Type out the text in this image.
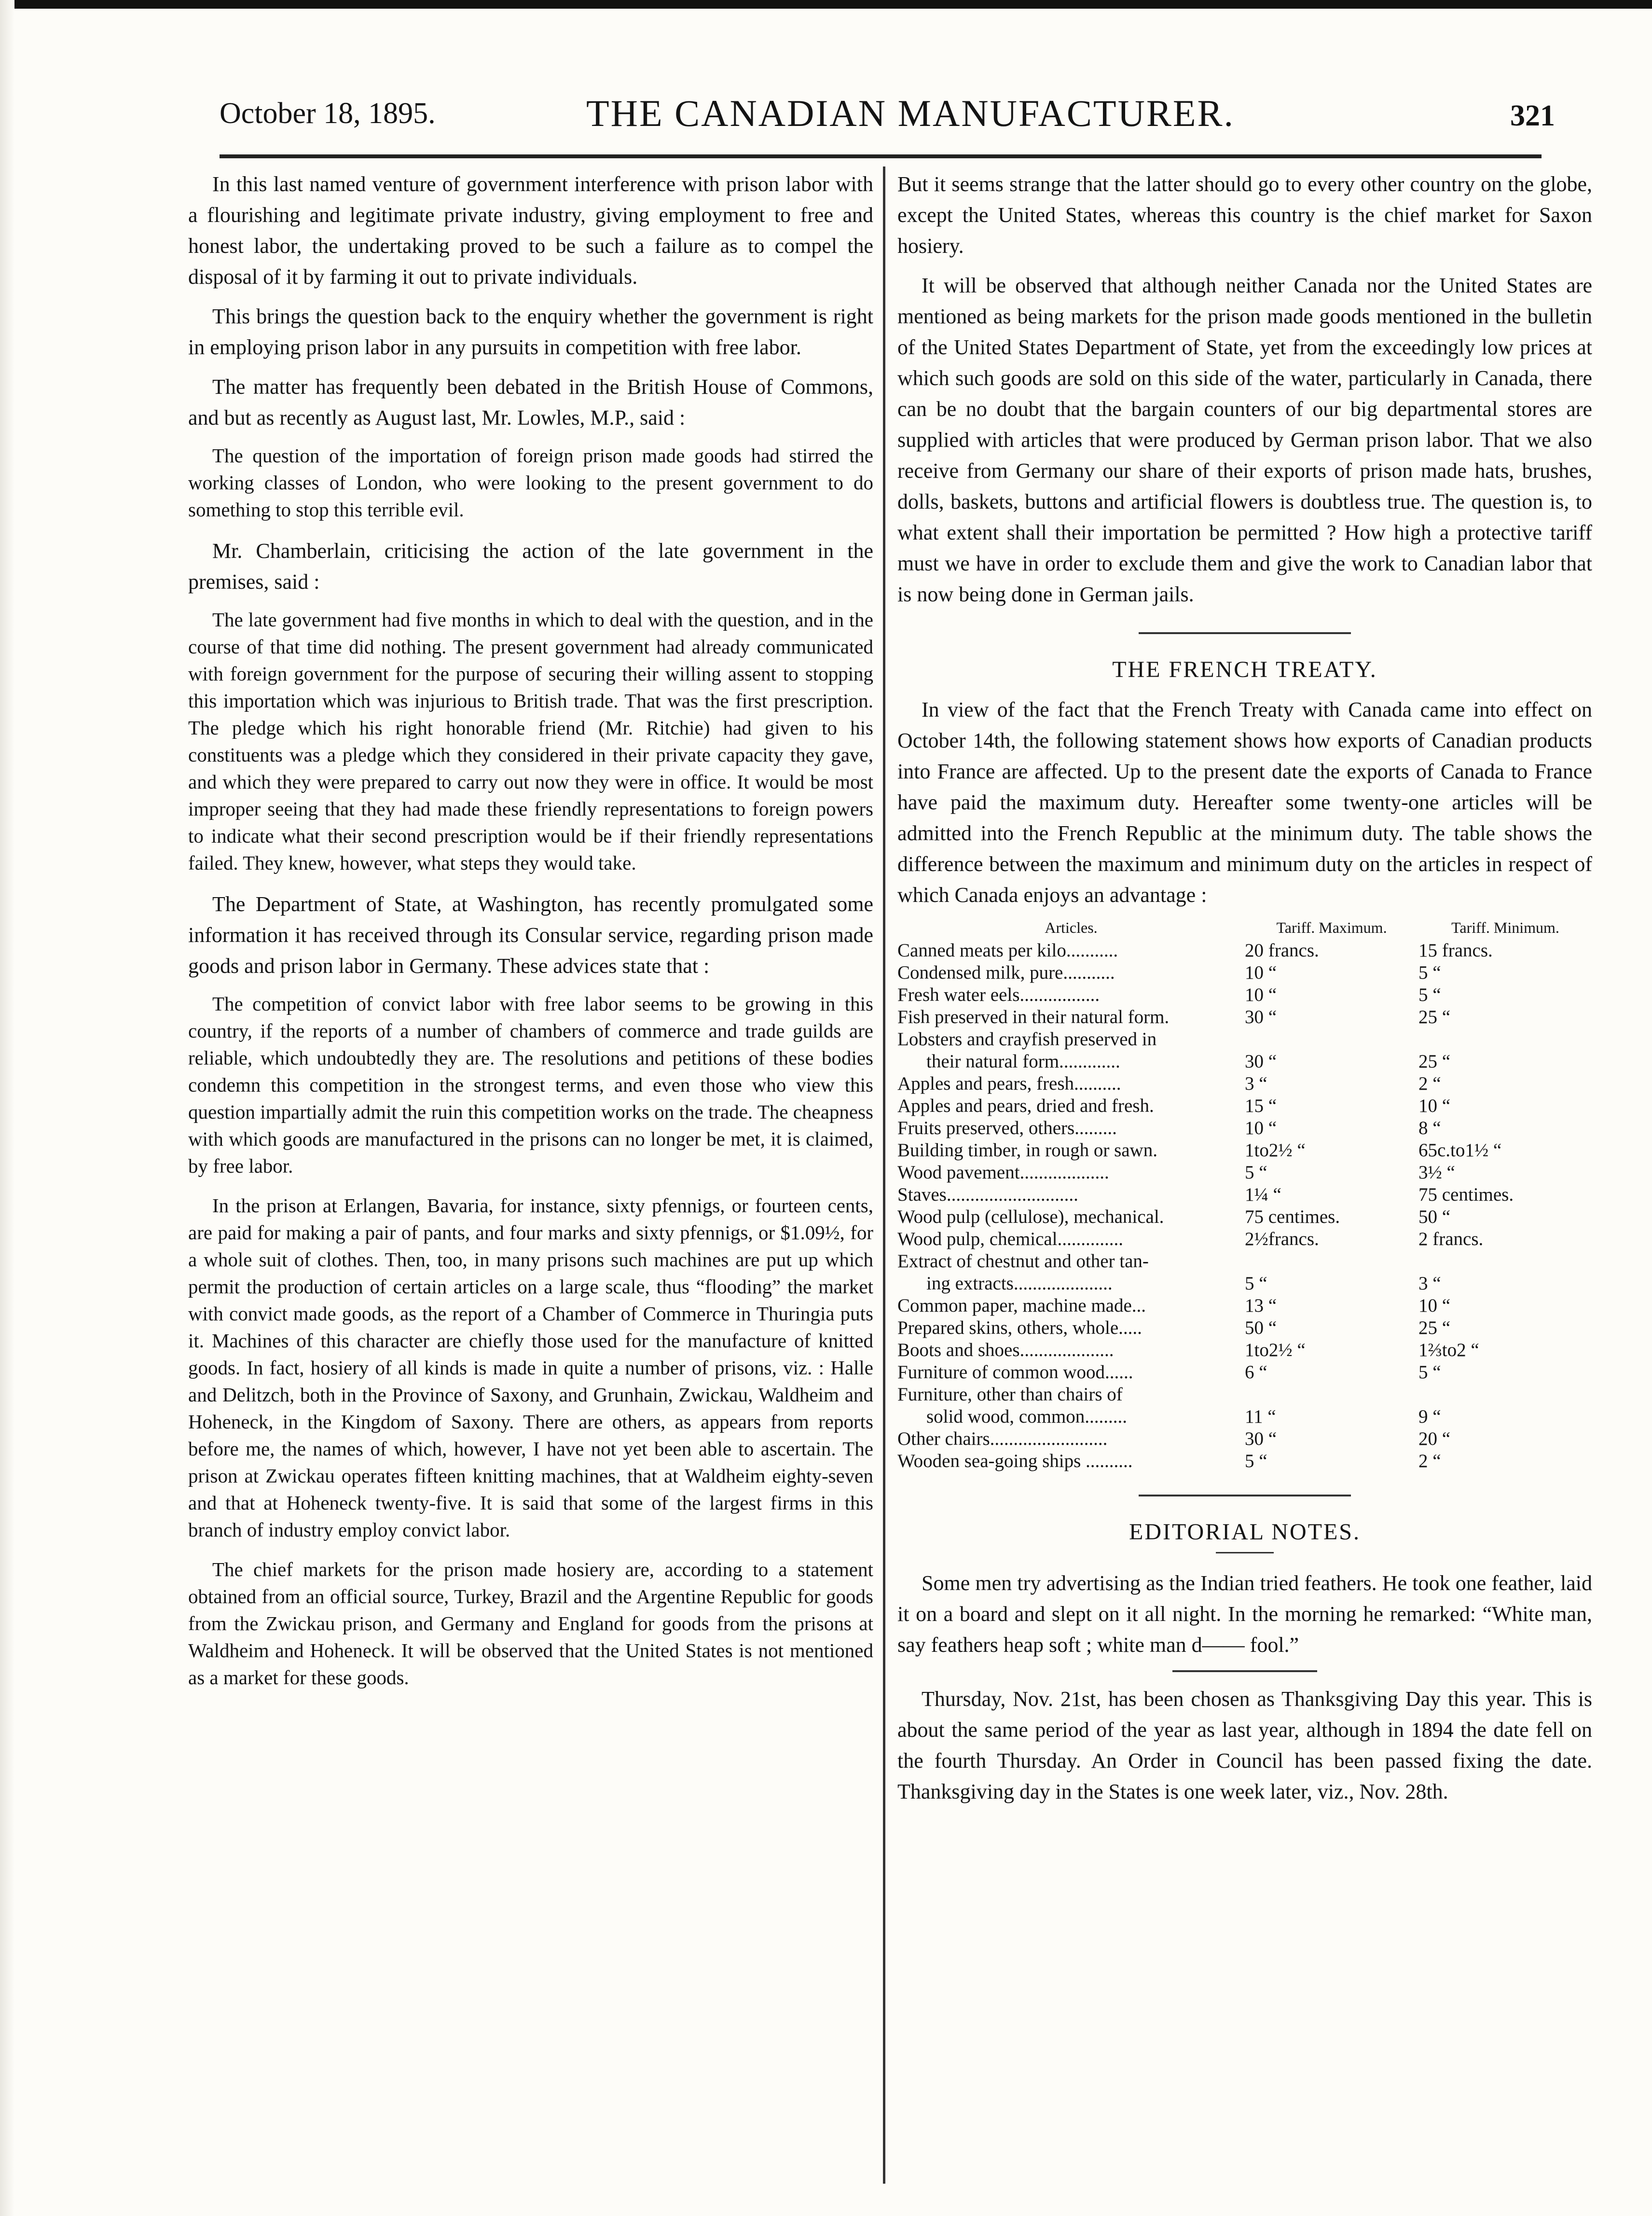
October 18, 1895.	THE CANADIAN MANUFACTURER.	321

In this last named venture of government interference with prison labor with a flourishing and legitimate private industry, giving employment to free and honest labor, the undertaking proved to be such a failure as to compel the disposal of it by farming it out to private individuals.

This brings the question back to the enquiry whether the government is right in employing prison labor in any pursuits in competition with free labor.

The matter has frequently been debated in the British House of Commons, and but as recently as August last, Mr. Lowles, M.P., said :

The question of the importation of foreign prison made goods had stirred the working classes of London, who were looking to the present government to do something to stop this terrible evil.

Mr. Chamberlain, criticising the action of the late government in the premises, said :

The late government had five months in which to deal with the question, and in the course of that time did nothing. The present government had already communicated with foreign government for the purpose of securing their willing assent to stopping this importation which was injurious to British trade. That was the first prescription. The pledge which his right honorable friend (Mr. Ritchie) had given to his constituents was a pledge which they considered in their private capacity they gave, and which they were prepared to carry out now they were in office. It would be most improper seeing that they had made these friendly representations to foreign powers to indicate what their second prescription would be if their friendly representations failed. They knew, however, what steps they would take.

The Department of State, at Washington, has recently promulgated some information it has received through its Consular service, regarding prison made goods and prison labor in Germany. These advices state that :

The competition of convict labor with free labor seems to be growing in this country, if the reports of a number of chambers of commerce and trade guilds are reliable, which undoubtedly they are. The resolutions and petitions of these bodies condemn this competition in the strongest terms, and even those who view this question impartially admit the ruin this competition works on the trade. The cheapness with which goods are manufactured in the prisons can no longer be met, it is claimed, by free labor.

In the prison at Erlangen, Bavaria, for instance, sixty pfennigs, or fourteen cents, are paid for making a pair of pants, and four marks and sixty pfennigs, or $1.09½, for a whole suit of clothes. Then, too, in many prisons such machines are put up which permit the production of certain articles on a large scale, thus “flooding” the market with convict made goods, as the report of a Chamber of Commerce in Thuringia puts it. Machines of this character are chiefly those used for the manufacture of knitted goods. In fact, hosiery of all kinds is made in quite a number of prisons, viz. : Halle and Delitzch, both in the Province of Saxony, and Grunhain, Zwickau, Waldheim and Hoheneck, in the Kingdom of Saxony. There are others, as appears from reports before me, the names of which, however, I have not yet been able to ascertain. The prison at Zwickau operates fifteen knitting machines, that at Waldheim eighty-seven and that at Hoheneck twenty-five. It is said that some of the largest firms in this branch of industry employ convict labor.

The chief markets for the prison made hosiery are, according to a statement obtained from an official source, Turkey, Brazil and the Argentine Republic for goods from the Zwickau prison, and Germany and England for goods from the prisons at Waldheim and Hoheneck. It will be observed that the United States is not mentioned as a market for these goods.

But it seems strange that the latter should go to every other country on the globe, except the United States, whereas this country is the chief market for Saxon hosiery.

It will be observed that although neither Canada nor the United States are mentioned as being markets for the prison made goods mentioned in the bulletin of the United States Department of State, yet from the exceedingly low prices at which such goods are sold on this side of the water, particularly in Canada, there can be no doubt that the bargain counters of our big departmental stores are supplied with articles that were produced by German prison labor. That we also receive from Germany our share of their exports of prison made hats, brushes, dolls, baskets, buttons and artificial flowers is doubtless true. The question is, to what extent shall their importation be permitted ? How high a protective tariff must we have in order to exclude them and give the work to Canadian labor that is now being done in German jails.

THE FRENCH TREATY.

In view of the fact that the French Treaty with Canada came into effect on October 14th, the following statement shows how exports of Canadian products into France are affected. Up to the present date the exports of Canada to France have paid the maximum duty. Hereafter some twenty-one articles will be admitted into the French Republic at the minimum duty. The table shows the difference between the maximum and minimum duty on the articles in respect of which Canada enjoys an advantage :

Articles.	Tariff. Maximum.	Tariff. Minimum.
Canned meats per kilo...........	20 francs.	15 francs.
Condensed milk, pure...........	10 “	5 “
Fresh water eels.................	10 “	5 “
Fish preserved in their natural form.	30 “	25 “
Lobsters and crayfish preserved in		
their natural form.............	30 “	25 “
Apples and pears, fresh..........	3 “	2 “
Apples and pears, dried and fresh.	15 “	10 “
Fruits preserved, others.........	10 “	8 “
Building timber, in rough or sawn.	1to2½ “	65c.to1½ “
Wood pavement...................	5 “	3½ “
Staves............................	1¼ “	75 centimes.
Wood pulp (cellulose), mechanical.	75 centimes.	50 “
Wood pulp, chemical..............	2½francs.	2 francs.
Extract of chestnut and other tan-		
ing extracts.....................	5 “	3 “
Common paper, machine made...	13 “	10 “
Prepared skins, others, whole.....	50 “	25 “
Boots and shoes....................	1to2½ “	1⅔to2 “
Furniture of common wood......	6 “	5 “
Furniture, other than chairs of		
solid wood, common.........	11 “	9 “
Other chairs.........................	30 “	20 “
Wooden sea-going ships ..........	5 “	2 “
EDITORIAL NOTES.

Some men try advertising as the Indian tried feathers. He took one feather, laid it on a board and slept on it all night. In the morning he remarked: “White man, say feathers heap soft ; white man d—— fool.”

Thursday, Nov. 21st, has been chosen as Thanksgiving Day this year. This is about the same period of the year as last year, although in 1894 the date fell on the fourth Thursday. An Order in Council has been passed fixing the date. Thanksgiving day in the States is one week later, viz., Nov. 28th.
